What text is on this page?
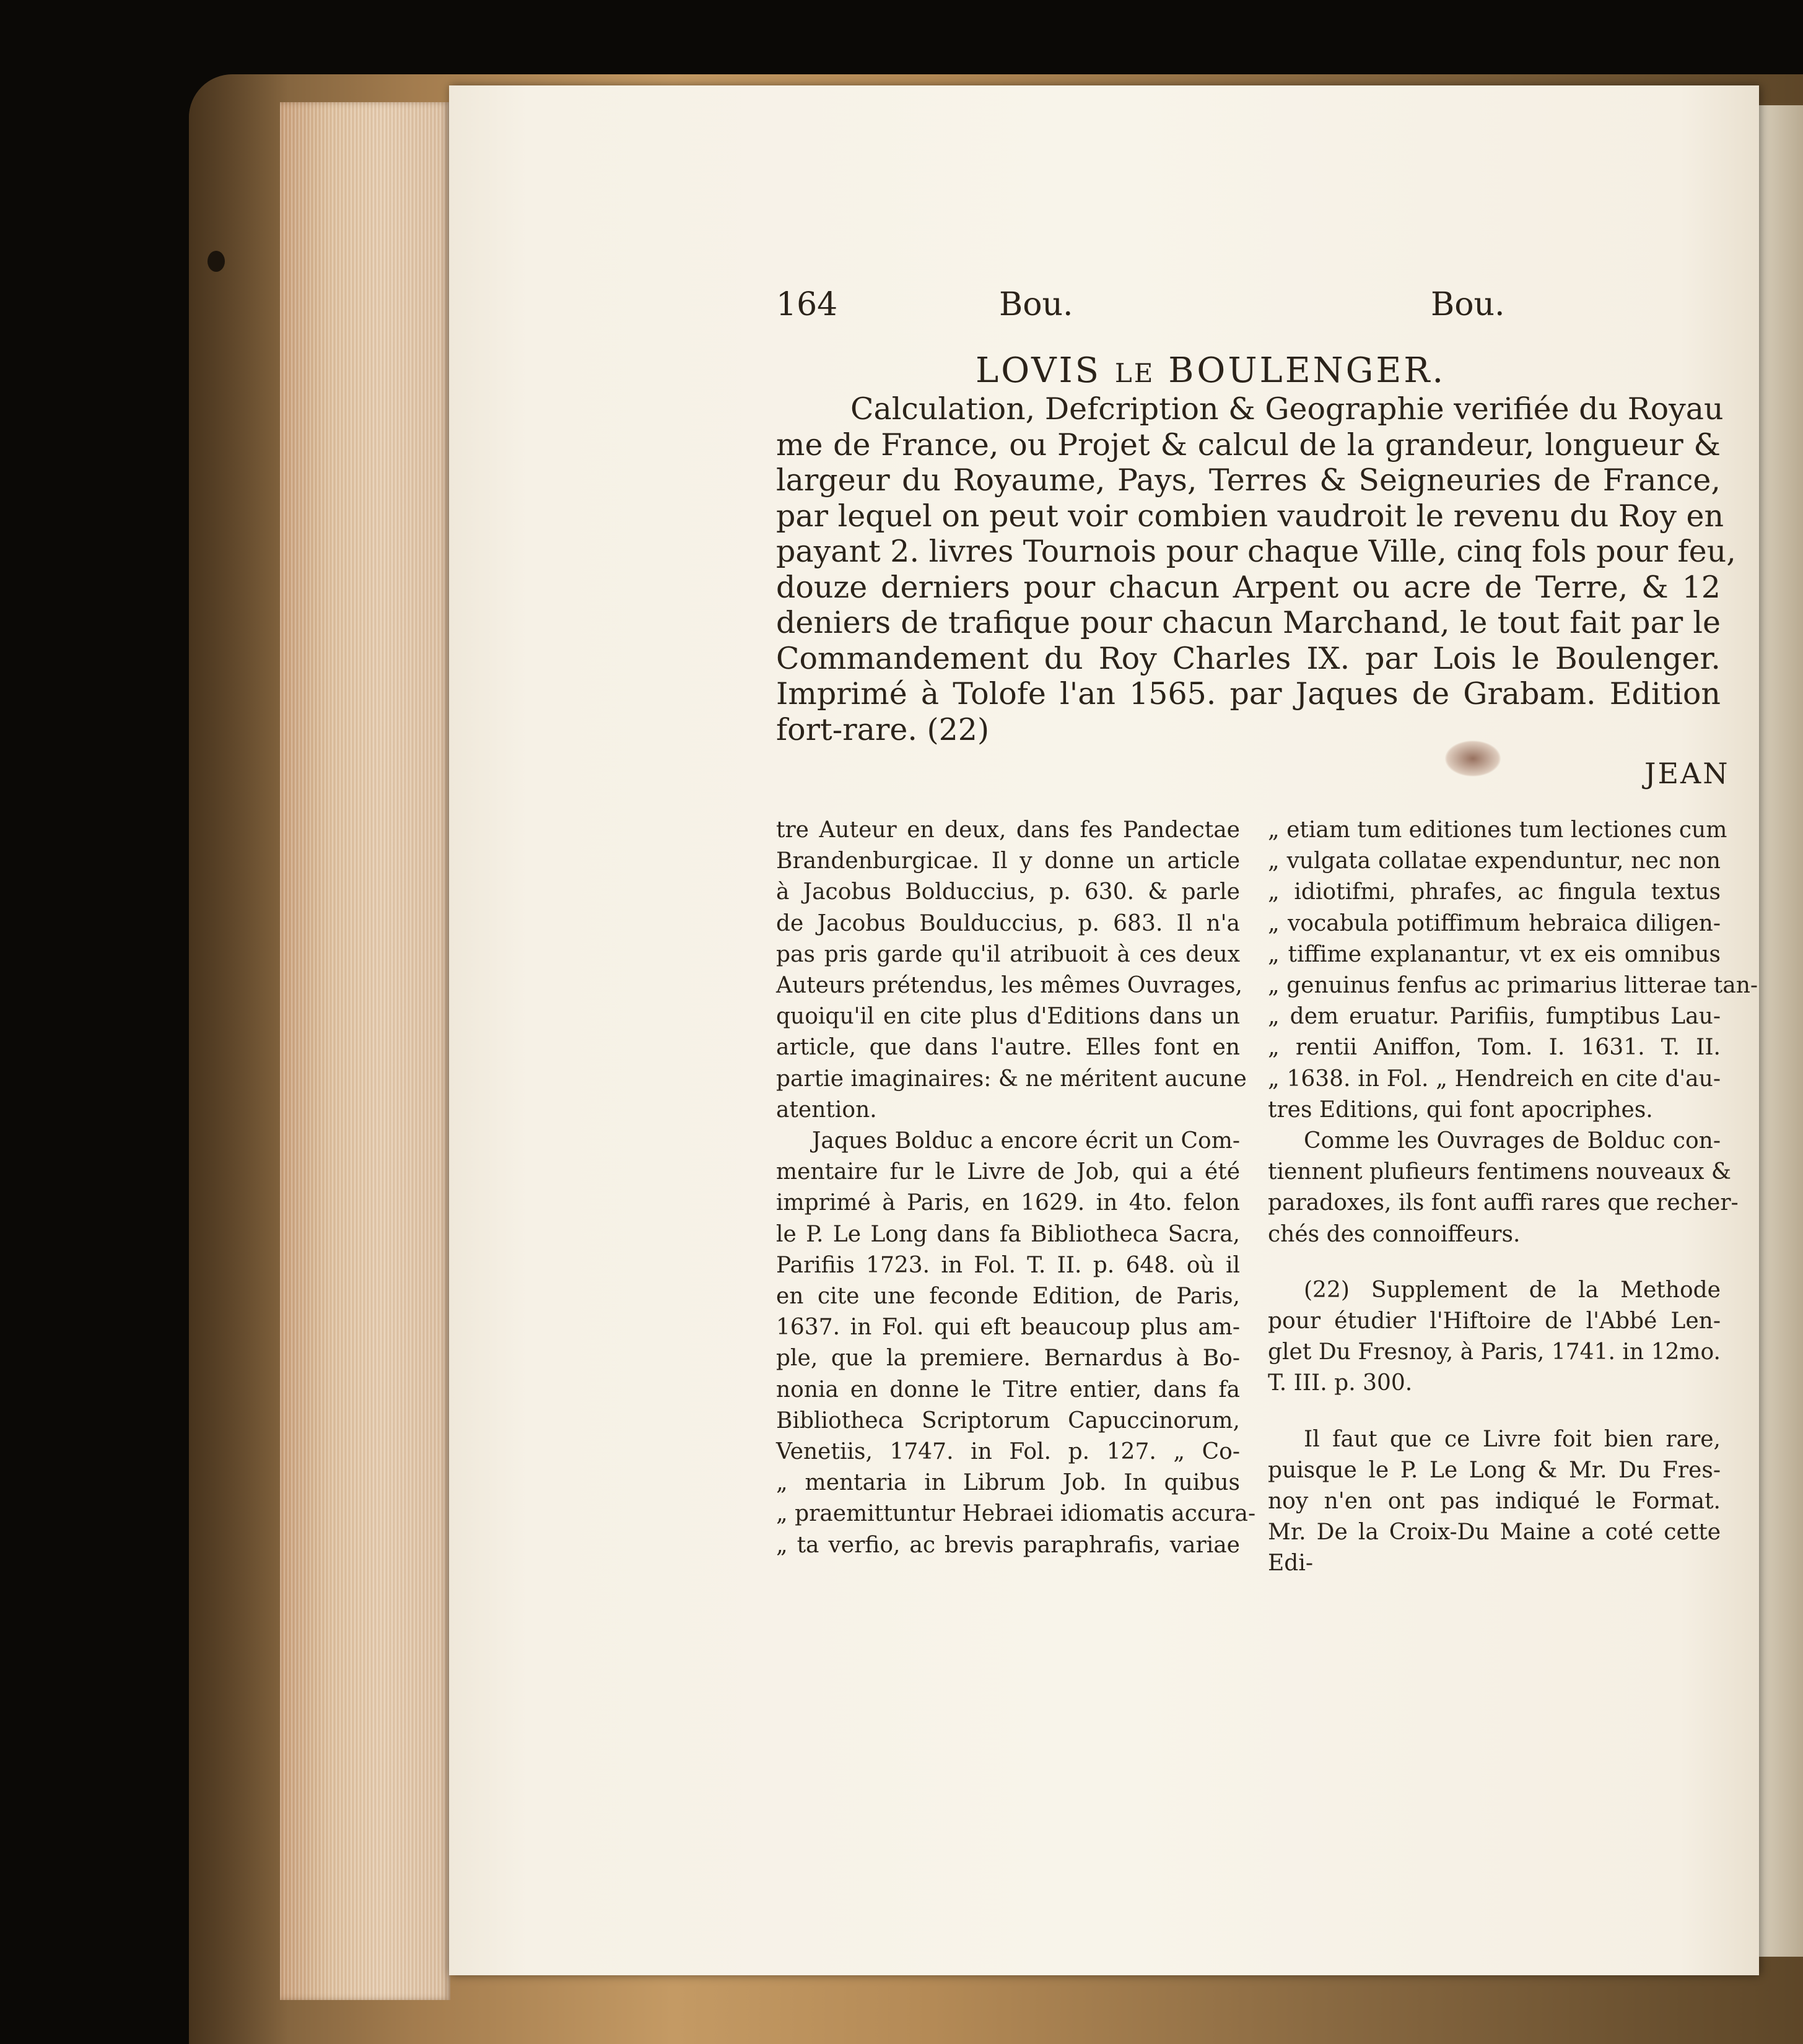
164	Bou.	Bou.
LOVIS LE BOULENGER.
Calculation, Defcription & Geographie verifiée du Royau
me de France, ou Projet & calcul de la grandeur, longueur &
largeur du Royaume, Pays, Terres & Seigneuries de France,
par lequel on peut voir combien vaudroit le revenu du Roy en
payant 2. livres Tournois pour chaque Ville, cinq fols pour feu,
douze derniers pour chacun Arpent ou acre de Terre, & 12
deniers de trafique pour chacun Marchand, le tout fait par le
Commandement du Roy Charles IX. par Lois le Boulenger.
Imprimé à Tolofe l'an 1565. par Jaques de Grabam. Edition
fort-rare. (22)
JEAN
tre Auteur en deux, dans fes Pandectae
Brandenburgicae. Il y donne un article
à Jacobus Bolduccius, p. 630. & parle
de Jacobus Boulduccius, p. 683. Il n'a
pas pris garde qu'il atribuoit à ces deux
Auteurs prétendus, les mêmes Ouvrages,
quoiqu'il en cite plus d'Editions dans un
article, que dans l'autre. Elles font en
partie imaginaires: & ne méritent aucune
atention.
Jaques Bolduc a encore écrit un Com-
mentaire fur le Livre de Job, qui a été
imprimé à Paris, en 1629. in 4to. felon
le P. Le Long dans fa Bibliotheca Sacra,
Parifiis 1723. in Fol. T. II. p. 648. où il
en cite une feconde Edition, de Paris,
1637. in Fol. qui eft beaucoup plus am-
ple, que la premiere. Bernardus à Bo-
nonia en donne le Titre entier, dans fa
Bibliotheca Scriptorum Capuccinorum,
Venetiis, 1747. in Fol. p. 127. „ Co-
„ mentaria in Librum Job. In quibus
„ praemittuntur Hebraei idiomatis accura-
„ ta verfio, ac brevis paraphrafis, variae
„ etiam tum editiones tum lectiones cum
„ vulgata collatae expenduntur, nec non
„ idiotifmi, phrafes, ac fingula textus
„ vocabula potiffimum hebraica diligen-
„ tiffime explanantur, vt ex eis omnibus
„ genuinus fenfus ac primarius litterae tan-
„ dem eruatur. Parifiis, fumptibus Lau-
„ rentii Aniffon, Tom. I. 1631. T. II.
„ 1638. in Fol. „ Hendreich en cite d'au-
tres Editions, qui font apocriphes.
Comme les Ouvrages de Bolduc con-
tiennent plufieurs fentimens nouveaux &
paradoxes, ils font auffi rares que recher-
chés des connoiffeurs.
(22) Supplement de la Methode
pour étudier l'Hiftoire de l'Abbé Len-
glet Du Fresnoy, à Paris, 1741. in 12mo.
T. III. p. 300.
Il faut que ce Livre foit bien rare,
puisque le P. Le Long & Mr. Du Fres-
noy n'en ont pas indiqué le Format.
Mr. De la Croix-Du Maine a coté cette
Edi-
